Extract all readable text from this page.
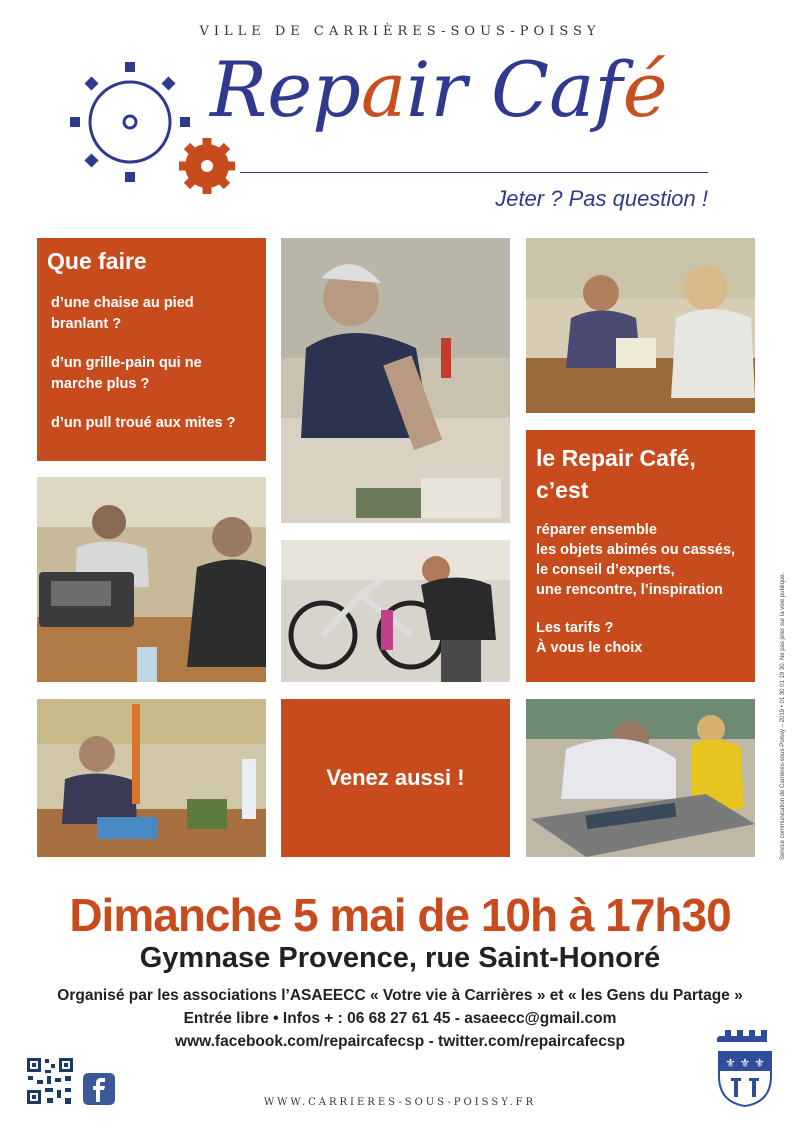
VILLE DE CARRIÈRES-SOUS-POISSY
Repair Café
Jeter ? Pas question !
Que faire
d’une chaise au pied branlant ?
d’un grille-pain qui ne marche plus ?
d’un pull troué aux mites ?
le Repair Café,
c’est
réparer ensemble
les objets abimés ou cassés,
le conseil d’experts,
une rencontre, l’inspiration
Les tarifs ?
À vous le choix
Venez aussi !	Service communication de Carrières-sous-Poissy – 2019 • 01 30 01 19 30. Ne pas jeter sur la voie publique.
Dimanche 5 mai de 10h à 17h30
Gymnase Provence, rue Saint-Honoré
Organisé par les associations l’ASAEECC « Votre vie à Carrières » et « les Gens du Partage »
Entrée libre • Infos + : 06 68 27 61 45 - asaeecc@gmail.com
www.facebook.com/repaircafecsp - twitter.com/repaircafecsp
⚜ ⚜ ⚜
WWW.CARRIERES-SOUS-POISSY.FR
